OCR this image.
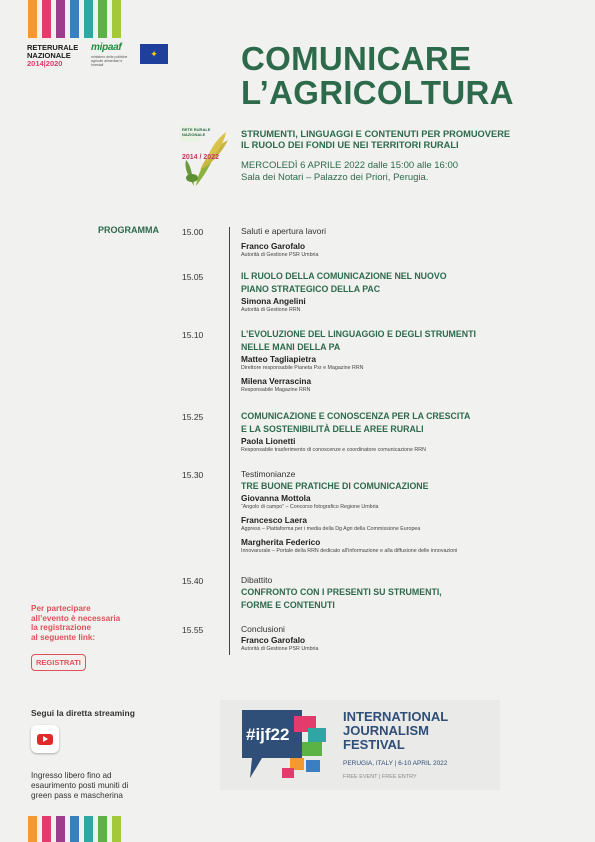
RETERURALE
NAZIONALE
2014|2020
mipaaf
ministero delle politiche agricole alimentari e forestali
✦	COMUNICARE
L’AGRICOLTURA
RETE RURALE NAZIONALE
2014 / 2022
STRUMENTI, LINGUAGGI E CONTENUTI PER PROMUOVERE
IL RUOLO DEI FONDI UE NEI TERRITORI RURALI
MERCOLEDÌ 6 APRILE 2022 dalle 15:00 alle 16:00
Sala dei Notari – Palazzo dei Priori, Perugia.
PROGRAMMA	15.00	Saluti e apertura lavori
Franco Garofalo
Autorità di Gestione PSR Umbria
15.05	IL RUOLO DELLA COMUNICAZIONE NEL NUOVO
PIANO STRATEGICO DELLA PAC
Simona Angelini
Autorità di Gestione RRN
15.10	L’EVOLUZIONE DEL LINGUAGGIO E DEGLI STRUMENTI
NELLE MANI DELLA PA
Matteo Tagliapietra
Direttore responsabile Pianeta Psr e Magazine RRN
Milena Verrascina
Responsabile Magazine RRN
15.25	COMUNICAZIONE E CONOSCENZA PER LA CRESCITA
E LA SOSTENIBILITÀ DELLE AREE RURALI
Paola Lionetti
Responsabile trasferimento di conoscenze e coordinatore comunicazione RRN
15.30	Testimonianze
TRE BUONE PRATICHE DI COMUNICAZIONE
Giovanna Mottola
“Angolo di campo” – Concorso fotografico Regione Umbria
Francesco Laera
Agpress – Piattaforma per i media della Dg Agri della Commissione Europea
Margherita Federico
Innovarurale – Portale della RRN dedicato all’informazione e alla diffusione delle innovazioni
15.40	Dibattito
CONFRONTO CON I PRESENTI SU STRUMENTI,
FORME E CONTENUTI
15.55	Conclusioni
Franco Garofalo
Autorità di Gestione PSR Umbria
Per partecipare
all’evento è necessaria
la registrazione
al seguente link:
REGISTRATI
Segui la diretta streaming
Ingresso libero fino ad
esaurimento posti muniti di
green pass e mascherina
#ijf22
INTERNATIONAL
JOURNALISM
FESTIVAL
PERUGIA, ITALY | 6-10 APRIL 2022
FREE EVENT | FREE ENTRY
